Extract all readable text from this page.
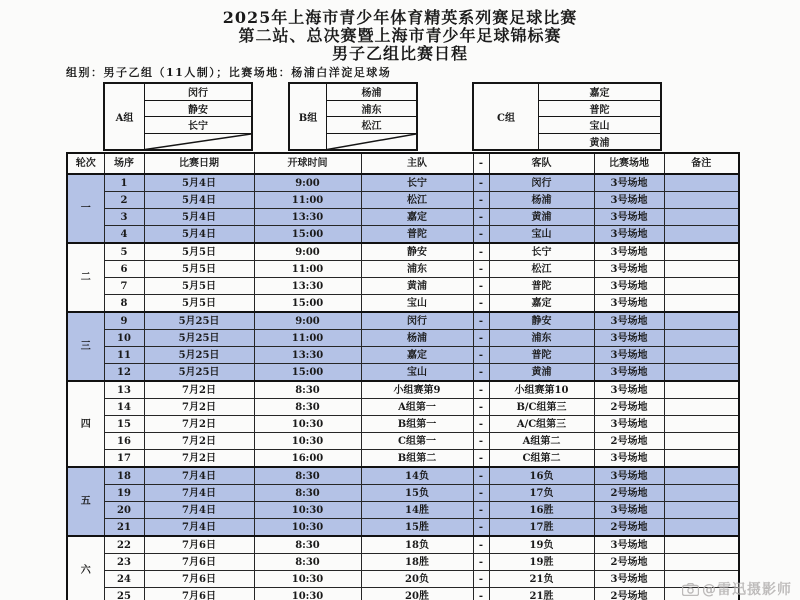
2025年上海市青少年体育精英系列赛足球比赛
第二站、总决赛暨上海市青少年足球锦标赛
男子乙组比赛日程
组别：男子乙组（11人制）；比赛场地：杨浦白洋淀足球场
A组
闵行
静安
长宁
B组
杨浦
浦东
松江
C组
嘉定
普陀
宝山
黄浦
轮次	场序	比赛日期	开球时间	主队	-	客队	比赛场地	备注
一	1	5月4日	9:00	长宁	-	闵行	3号场地	
	2	5月4日	11:00	松江	-	杨浦	3号场地	
	3	5月4日	13:30	嘉定	-	黄浦	3号场地	
	4	5月4日	15:00	普陀	-	宝山	3号场地	
二	5	5月5日	9:00	静安	-	长宁	3号场地	
	6	5月5日	11:00	浦东	-	松江	3号场地	
	7	5月5日	13:30	黄浦	-	普陀	3号场地	
	8	5月5日	15:00	宝山	-	嘉定	3号场地	
三	9	5月25日	9:00	闵行	-	静安	3号场地	
	10	5月25日	11:00	杨浦	-	浦东	3号场地	
	11	5月25日	13:30	嘉定	-	普陀	3号场地	
	12	5月25日	15:00	宝山	-	黄浦	3号场地	
四	13	7月2日	8:30	小组赛第9	-	小组赛第10	3号场地	
	14	7月2日	8:30	A组第一	-	B/C组第三	2号场地	
	15	7月2日	10:30	B组第一	-	A/C组第三	3号场地	
	16	7月2日	10:30	C组第一	-	A组第二	2号场地	
	17	7月2日	16:00	B组第二	-	C组第二	3号场地	
五	18	7月4日	8:30	14负	-	16负	3号场地	
	19	7月4日	8:30	15负	-	17负	2号场地	
	20	7月4日	10:30	14胜	-	16胜	3号场地	
	21	7月4日	10:30	15胜	-	17胜	2号场地	
六	22	7月6日	8:30	18负	-	19负	3号场地	
	23	7月6日	8:30	18胜	-	19胜	2号场地	
	24	7月6日	10:30	20负	-	21负	3号场地	
	25	7月6日	10:30	20胜	-	21胜	2号场地		@雷迅摄影师
